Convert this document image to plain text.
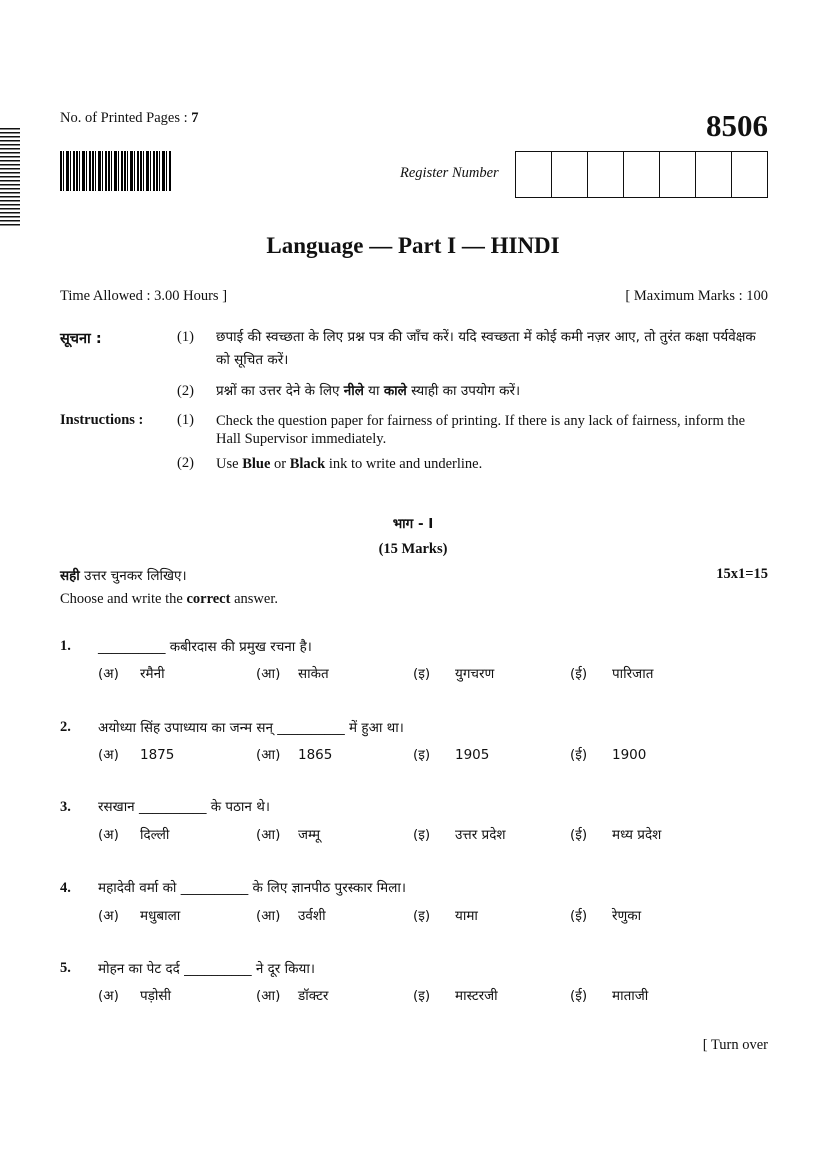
No. of Printed Pages : 7	8506
Register Number
Language — Part I — HINDI
Time Allowed : 3.00 Hours ]	[ Maximum Marks : 100
सूचना :	(1) छपाई की स्वच्छता के लिए प्रश्न पत्र की जाँच करें। यदि स्वच्छता में कोई कमी नज़र आए, तो तुरंत कक्षा पर्यवेक्षक को सूचित करें।
(2) प्रश्नों का उत्तर देने के लिए नीले या काले स्याही का उपयोग करें।
Instructions : (1) Check the question paper for fairness of printing. If there is any lack of fairness, inform the Hall Supervisor immediately.
(2) Use Blue or Black ink to write and underline.
भाग - I
(15 Marks)
सही उत्तर चुनकर लिखिए।	15x1=15
Choose and write the correct answer.
1. __________ कबीरदास की प्रमुख रचना है।
(अ) रमैनी	(आ) साकेत	(इ) युगचरण	(ई) पारिजात
2. अयोध्या सिंह उपाध्याय का जन्म सन् __________ में हुआ था।
(अ) 1875	(आ) 1865	(इ) 1905	(ई) 1900
3. रसखान __________ के पठान थे।
(अ) दिल्ली	(आ) जम्मू	(इ) उत्तर प्रदेश	(ई) मध्य प्रदेश
4. महादेवी वर्मा को __________ के लिए ज्ञानपीठ पुरस्कार मिला।
(अ) मधुबाला	(आ) उर्वशी	(इ) यामा	(ई) रेणुका
5. मोहन का पेट दर्द __________ ने दूर किया।
(अ) पड़ोसी	(आ) डॉक्टर	(इ) मास्टरजी	(ई) माताजी
[ Turn over
